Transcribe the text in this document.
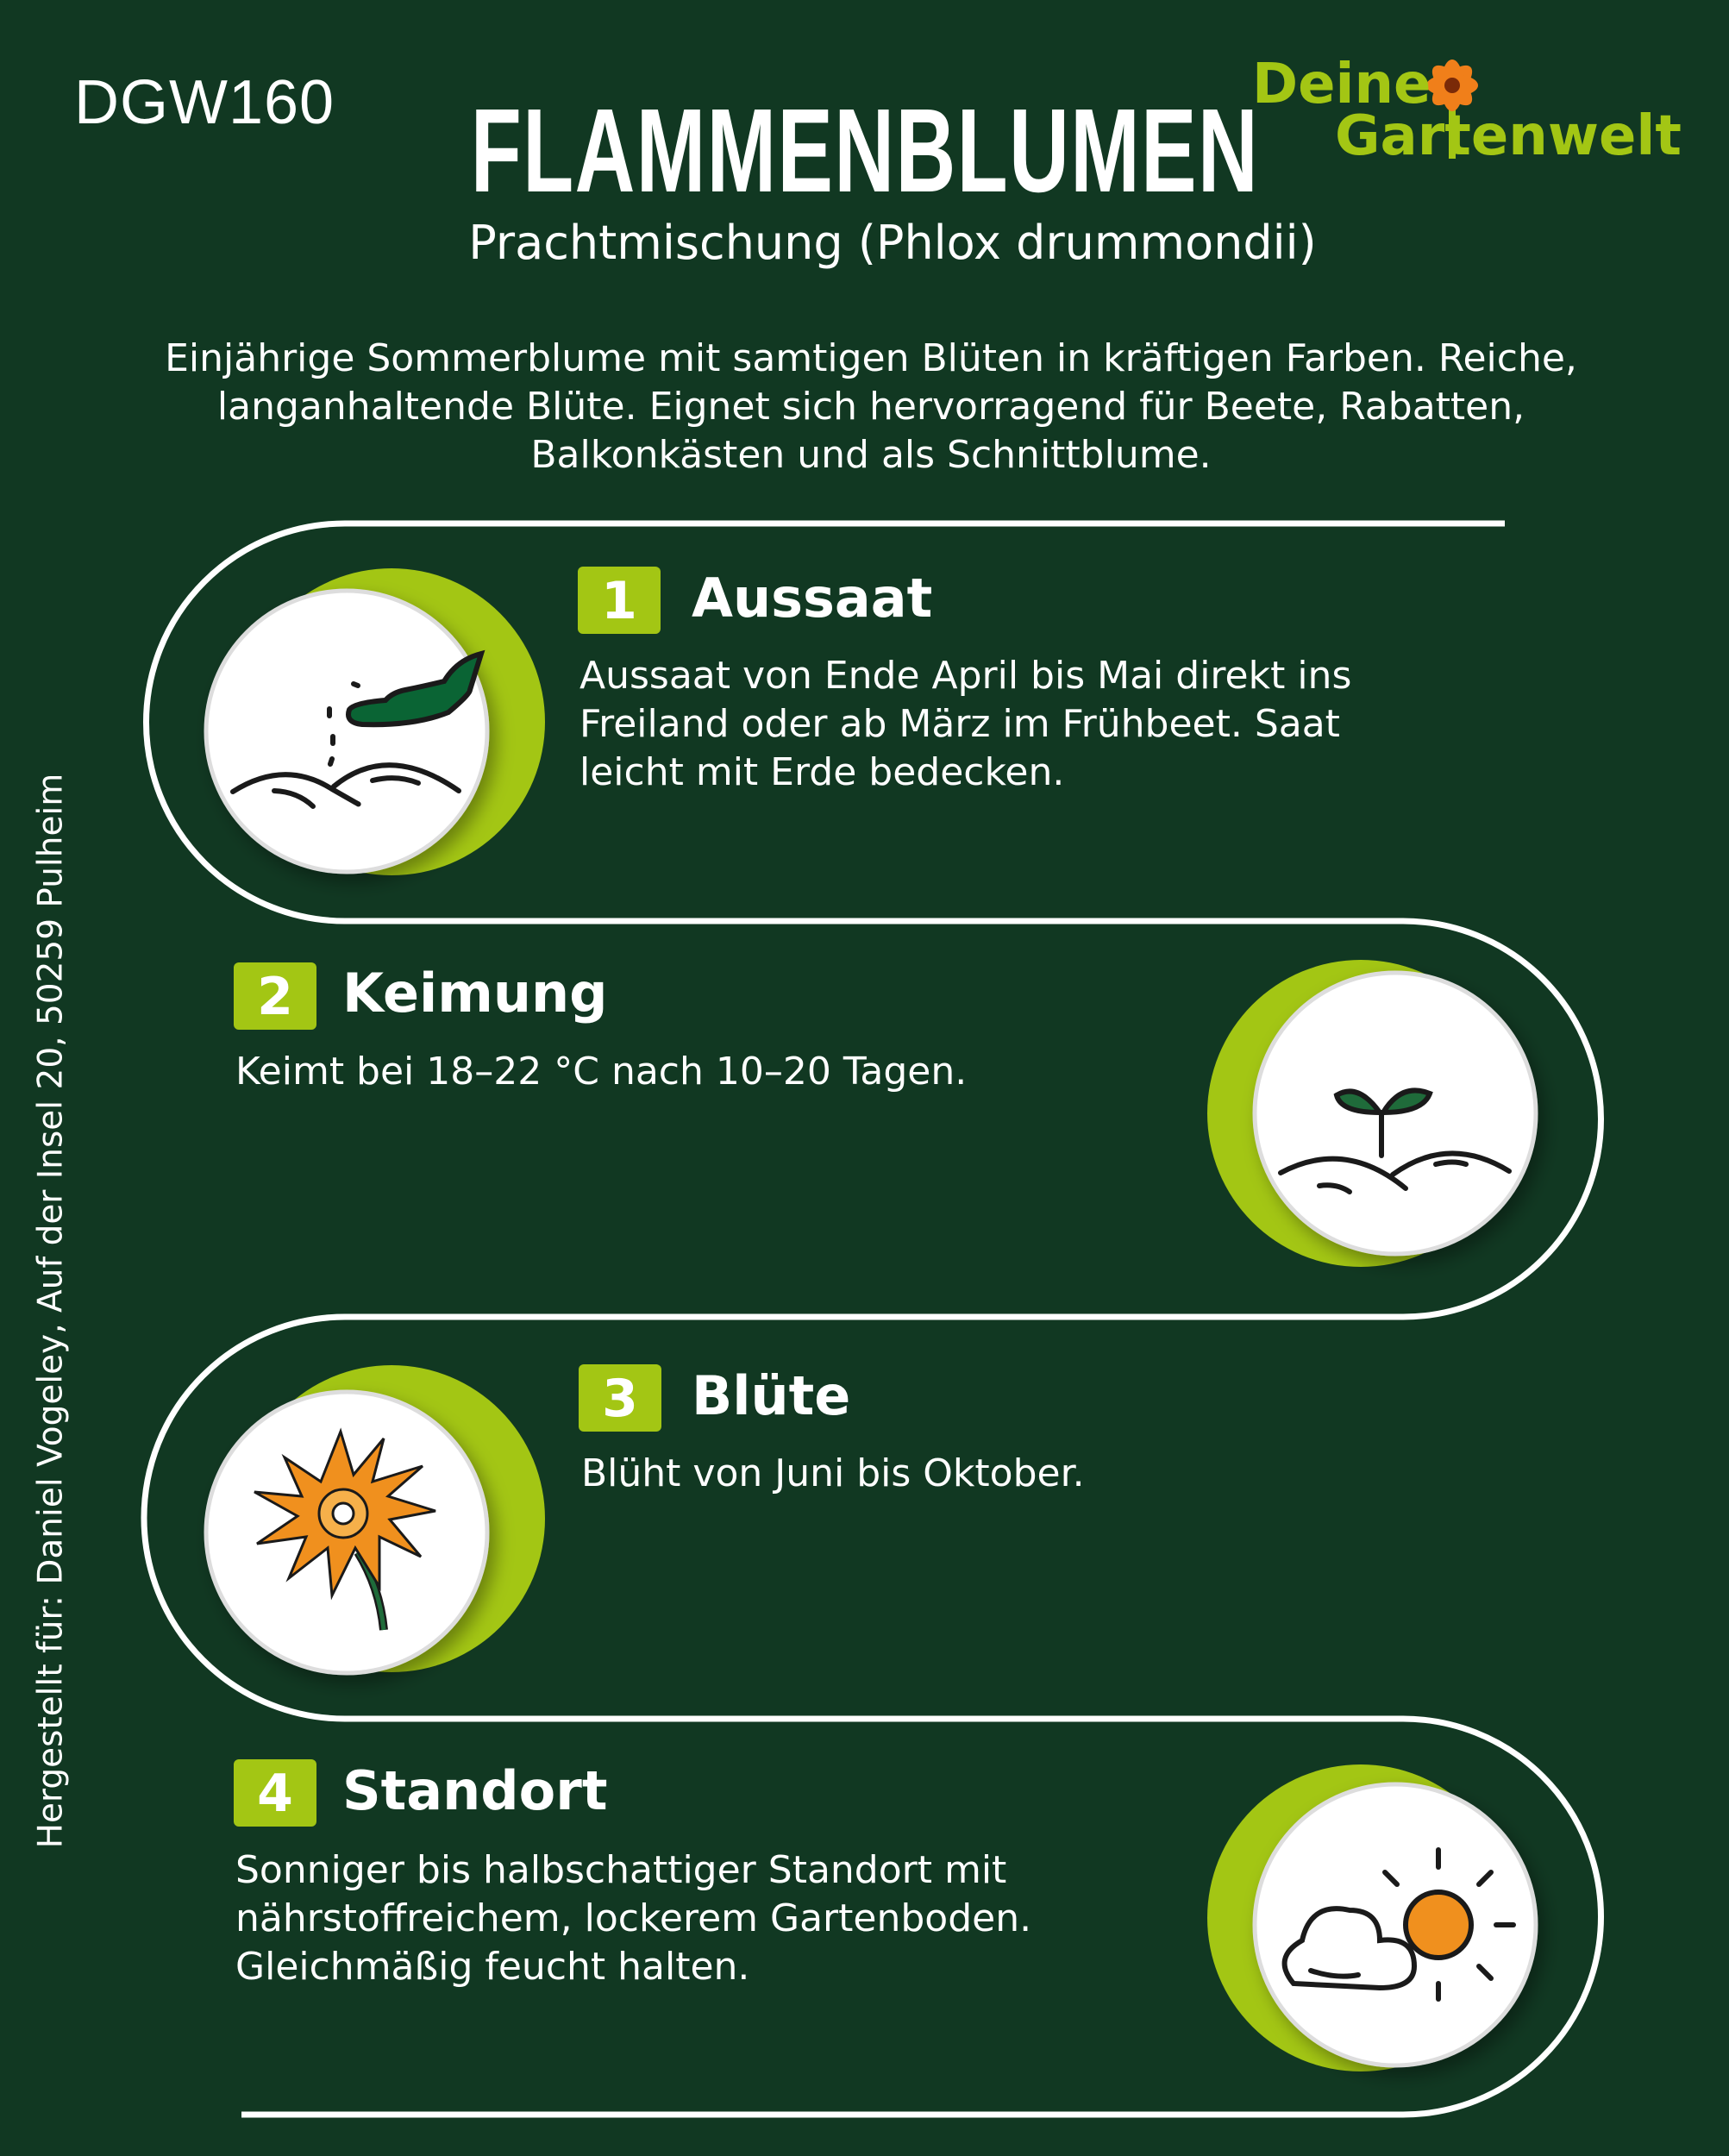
DGW160	FLAMMENBLUMEN
Prachtmischung (Phlox drummondii)
Einjährige Sommerblume mit samtigen Blüten in kräftigen Farben. Reiche, langanhaltende Blüte. Eignet sich hervorragend für Beete, Rabatten, Balkonkästen und als Schnittblume.
Deine
Gartenwelt
Hergestellt für: Daniel Vogeley, Auf der Insel 20, 50259 Pulheim
1	Aussaat
Aussaat von Ende April bis Mai direkt ins Freiland oder ab März im Frühbeet. Saat leicht mit Erde bedecken.
2 Keimung
Keimt bei 18–22 °C nach 10–20 Tagen.
3	Blüte
Blüht von Juni bis Oktober.
4 Standort
Sonniger bis halbschattiger Standort mit nährstoffreichem, lockerem Gartenboden. Gleichmäßig feucht halten.
